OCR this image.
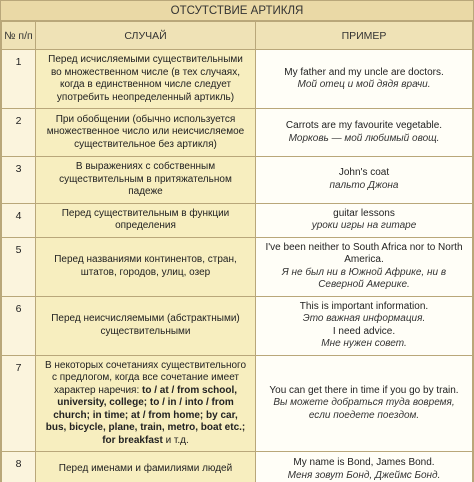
ОТСУТСТВИЕ АРТИКЛЯ
№ п/п	СЛУЧАЙ	ПРИМЕР
1	Перед исчисляемыми существительными во множественном числе (в тех случаях, когда в единственном числе следует употребить неопределенный артикль)	My father and my uncle are doctors.
Мой отец и мой дядя врачи.

2	При обобщении (обычно используется множественное число или неисчисляемое существительное без артикля)	Carrots are my favourite vegetable.
Морковь — мой любимый овощ.

3	В выражениях с собственным существительным в притяжательном падеже	John's coat
пальто Джона

4	Перед существительным в функции определения	guitar lessons
уроки игры на гитаре

5	Перед названиями континентов, стран, штатов, городов, улиц, озер	I've been neither to South Africa nor to North America.
Я не был ни в Южной Африке, ни в Северной Америке.

6	Перед неисчисляемыми (абстрактными) существительными	This is important information.
Это важная информация.
I need advice.
Мне нужен совет.

7	В некоторых сочетаниях существительного с предлогом, когда все сочетание имеет характер наречия: to / at / from school, university, college; to / in / into / from church; in time; at / from home; by car, bus, bicycle, plane, train, metro, boat etc.; for breakfast и т.д.	You can get there in time if you go by train.
Вы можете добраться туда вовремя, если поедете поездом.

8	Перед именами и фамилиями людей	My name is Bond, James Bond.
Меня зовут Бонд, Джеймс Бонд.
